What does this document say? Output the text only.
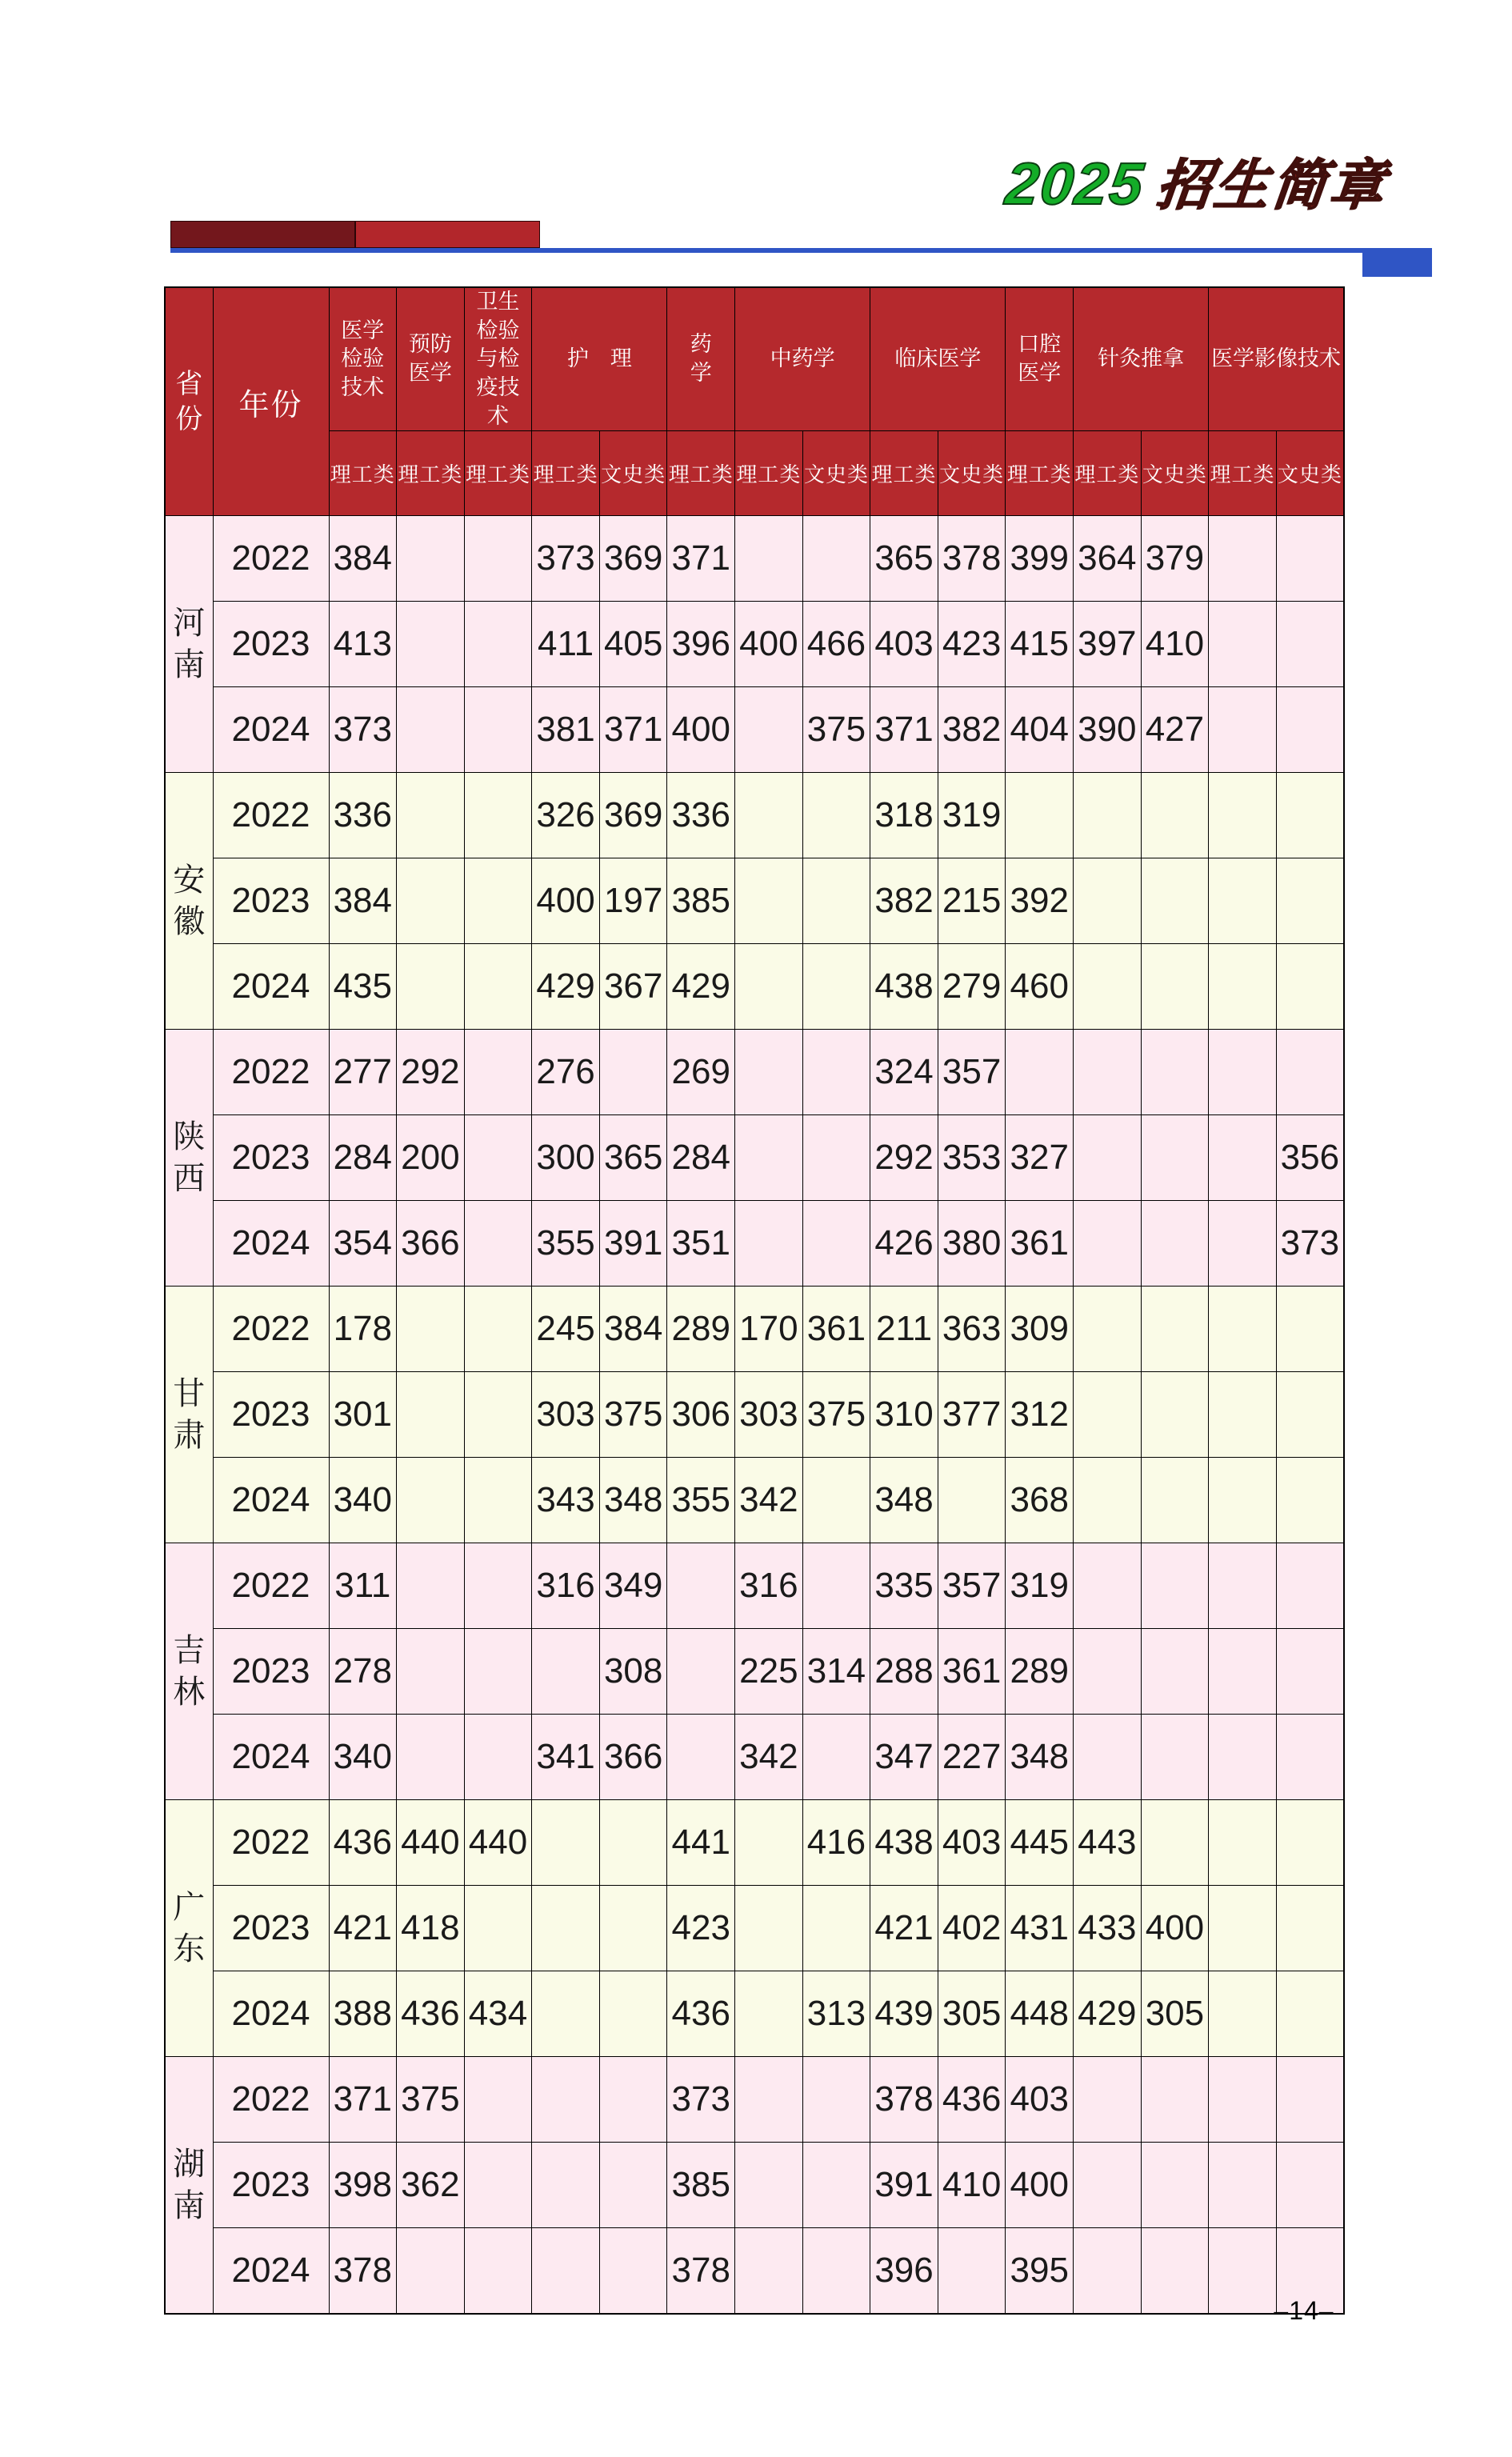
2025 招生简章
省份	年份	医学检验技术	预防医学	卫生检验与检疫技术	护　理		药　学	中药学		临床医学		口腔医学	针灸推拿		医学影像技术	
		理工类	理工类	理工类	理工类	文史类	理工类	理工类	文史类	理工类	文史类	理工类	理工类	文史类	理工类	文史类

河南	2022	384			373	369	371			365	378	399	364	379		
	2023	413			411	405	396	400	466	403	423	415	397	410		
	2024	373			381	371	400		375	371	382	404	390	427		

安徽	2022	336			326	369	336			318	319					
	2023	384			400	197	385			382	215	392				
	2024	435			429	367	429			438	279	460				

陕西	2022	277	292		276		269			324	357					
	2023	284	200		300	365	284			292	353	327				356
	2024	354	366		355	391	351			426	380	361				373

甘肃	2022	178			245	384	289	170	361	211	363	309				
	2023	301			303	375	306	303	375	310	377	312				
	2024	340			343	348	355	342		348		368				

吉林	2022	311			316	349		316		335	357	319				
	2023	278				308		225	314	288	361	289				
	2024	340			341	366		342		347	227	348				

广东	2022	436	440	440			441		416	438	403	445	443			
	2023	421	418				423			421	402	431	433	400		
	2024	388	436	434			436		313	439	305	448	429	305		

湖南	2022	371	375				373			378	436	403				
	2023	398	362				385			391	410	400				
	2024	378					378			396		395				
–14–
